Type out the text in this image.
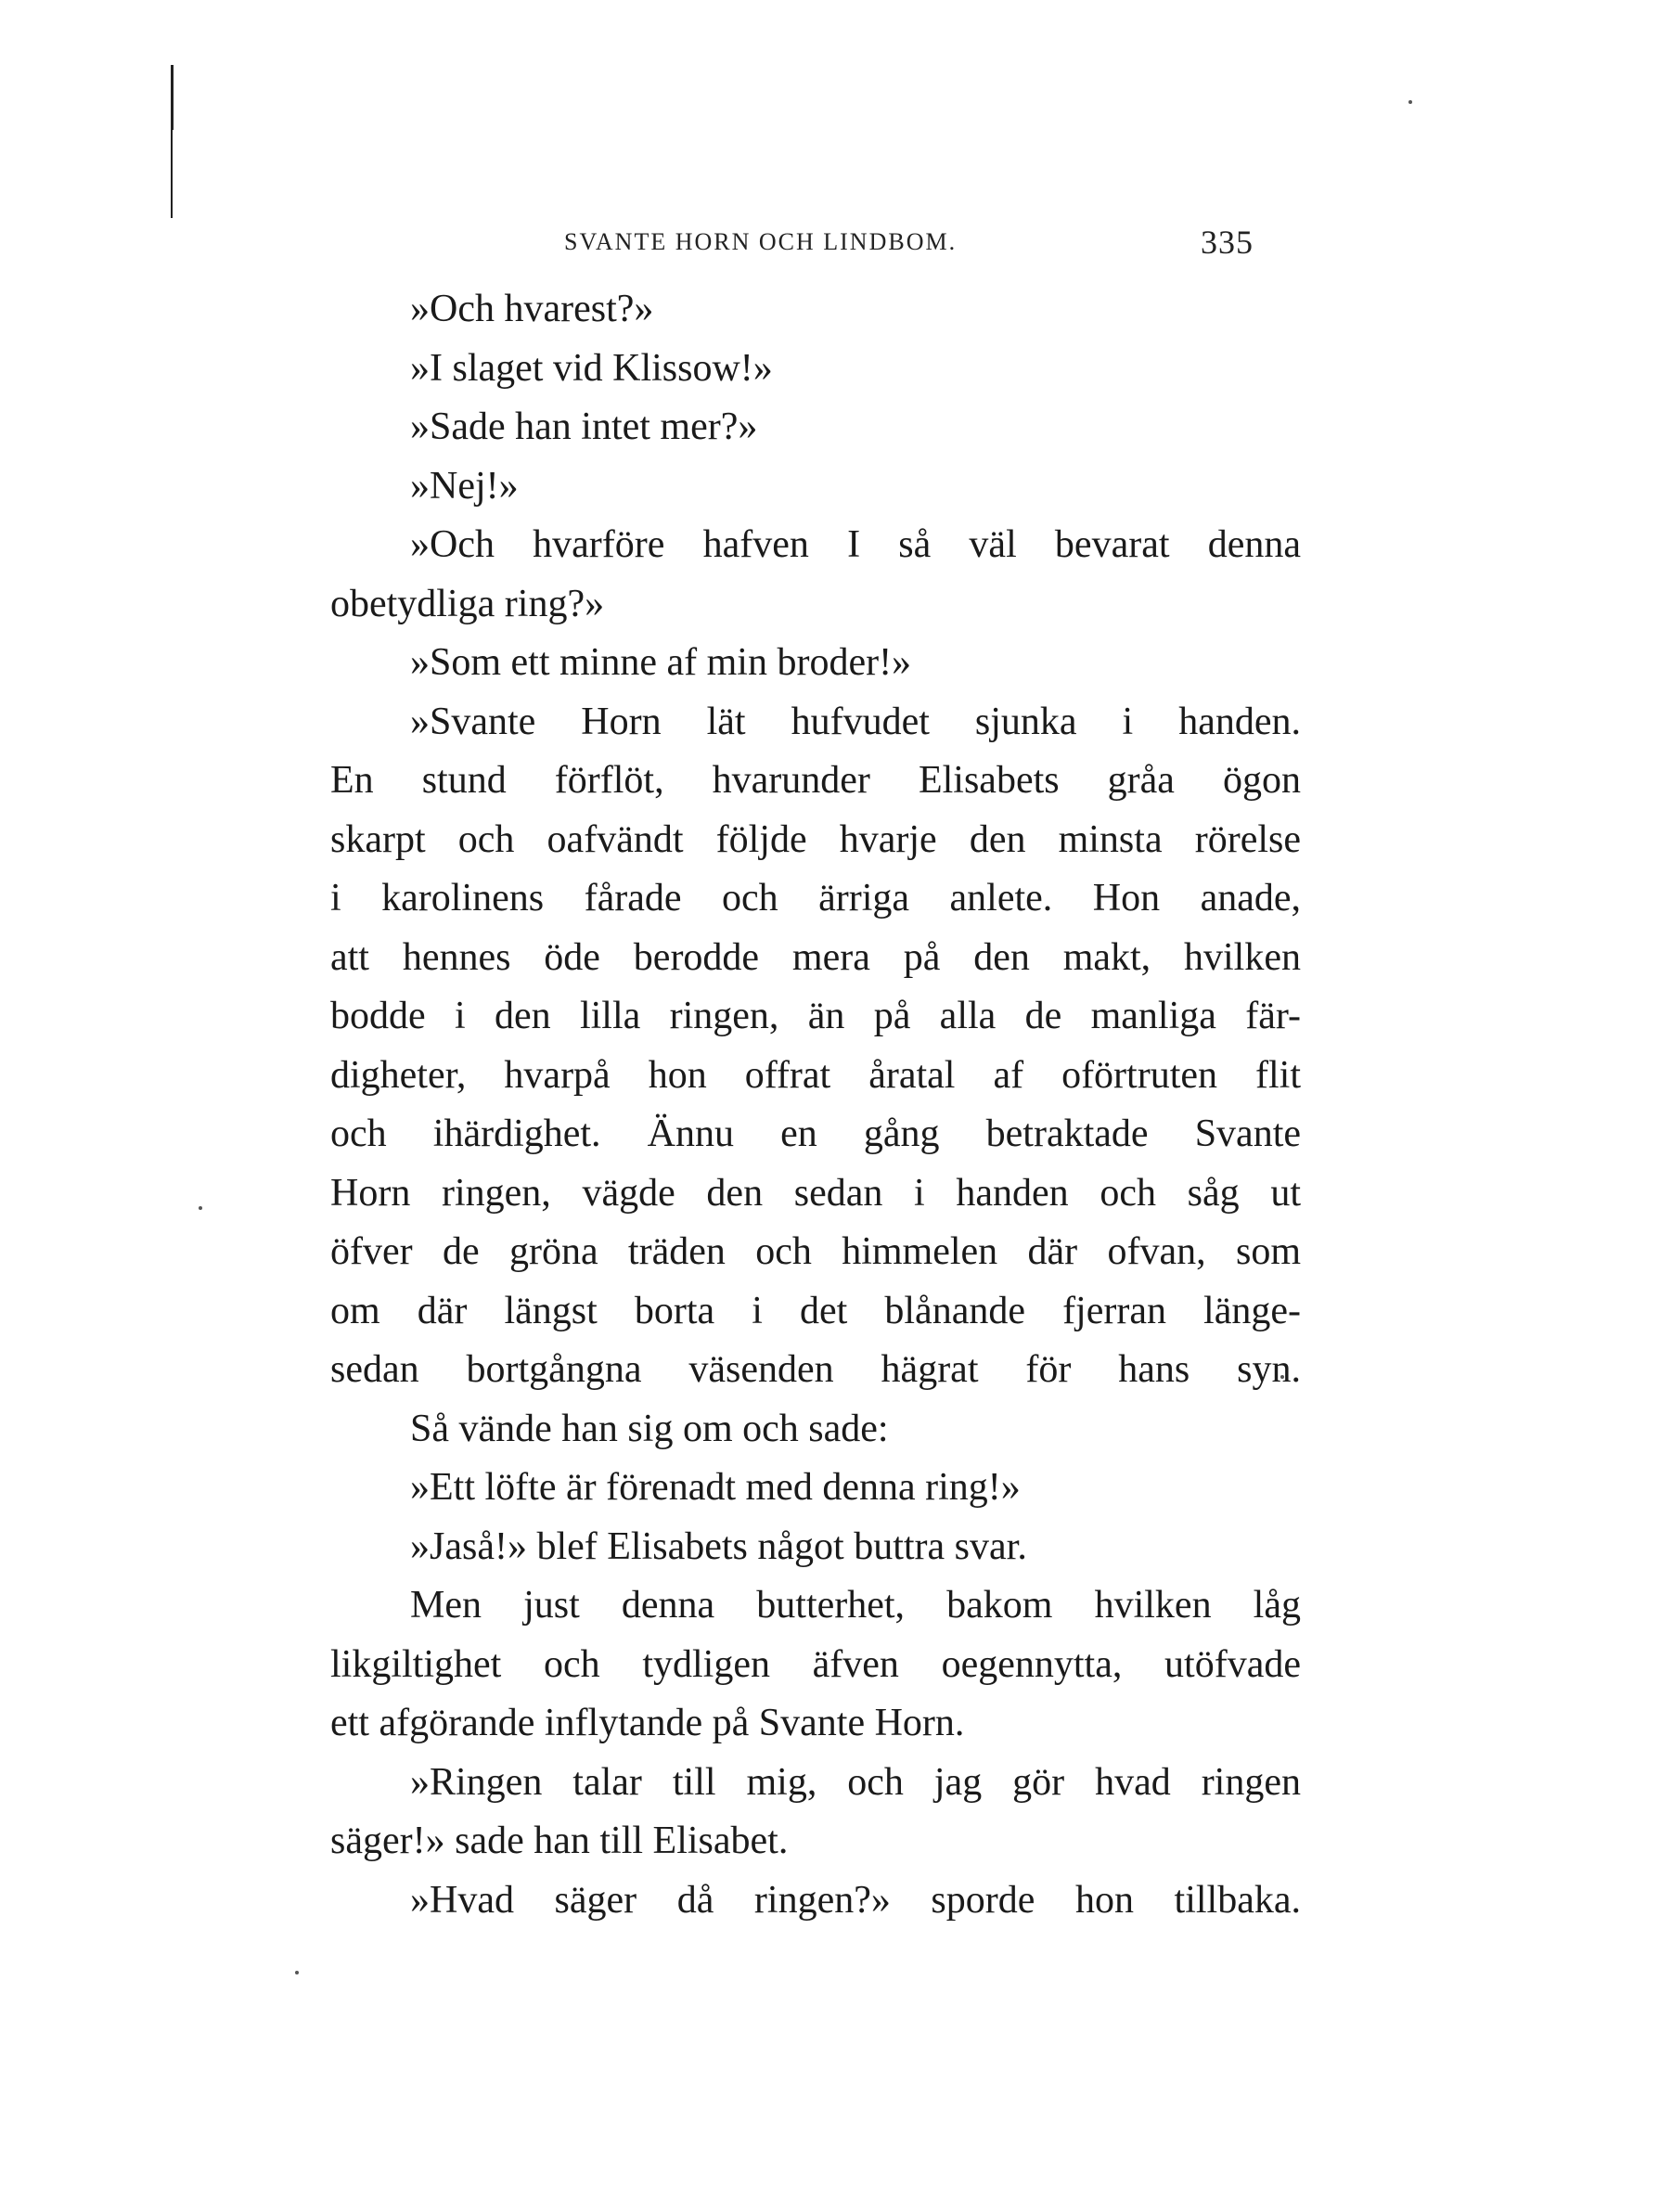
SVANTE HORN OCH LINDBOM.	335
»Och hvarest?»
»I slaget vid Klissow!»
»Sade han intet mer?»
»Nej!»
»Och hvarföre hafven I så väl bevarat denna
obetydliga ring?»
»Som ett minne af min broder!»
»Svante Horn lät hufvudet sjunka i handen.
En stund förflöt, hvarunder Elisabets gråa ögon
skarpt och oafvändt följde hvarje den minsta rörelse
i karolinens fårade och ärriga anlete. Hon anade,
att hennes öde berodde mera på den makt, hvilken
bodde i den lilla ringen, än på alla de manliga fär-
digheter, hvarpå hon offrat åratal af oförtruten flit
och ihärdighet. Ännu en gång betraktade Svante
Horn ringen, vägde den sedan i handen och såg ut
öfver de gröna träden och himmelen där ofvan, som
om där längst borta i det blånande fjerran länge-
sedan bortgångna väsenden hägrat för hans syn.
Så vände han sig om och sade:
»Ett löfte är förenadt med denna ring!»
»Jaså!» blef Elisabets något buttra svar.
Men just denna butterhet, bakom hvilken låg
likgiltighet och tydligen äfven oegennytta, utöfvade
ett afgörande inflytande på Svante Horn.
»Ringen talar till mig, och jag gör hvad ringen
säger!» sade han till Elisabet.
»Hvad säger då ringen?» sporde hon tillbaka.
